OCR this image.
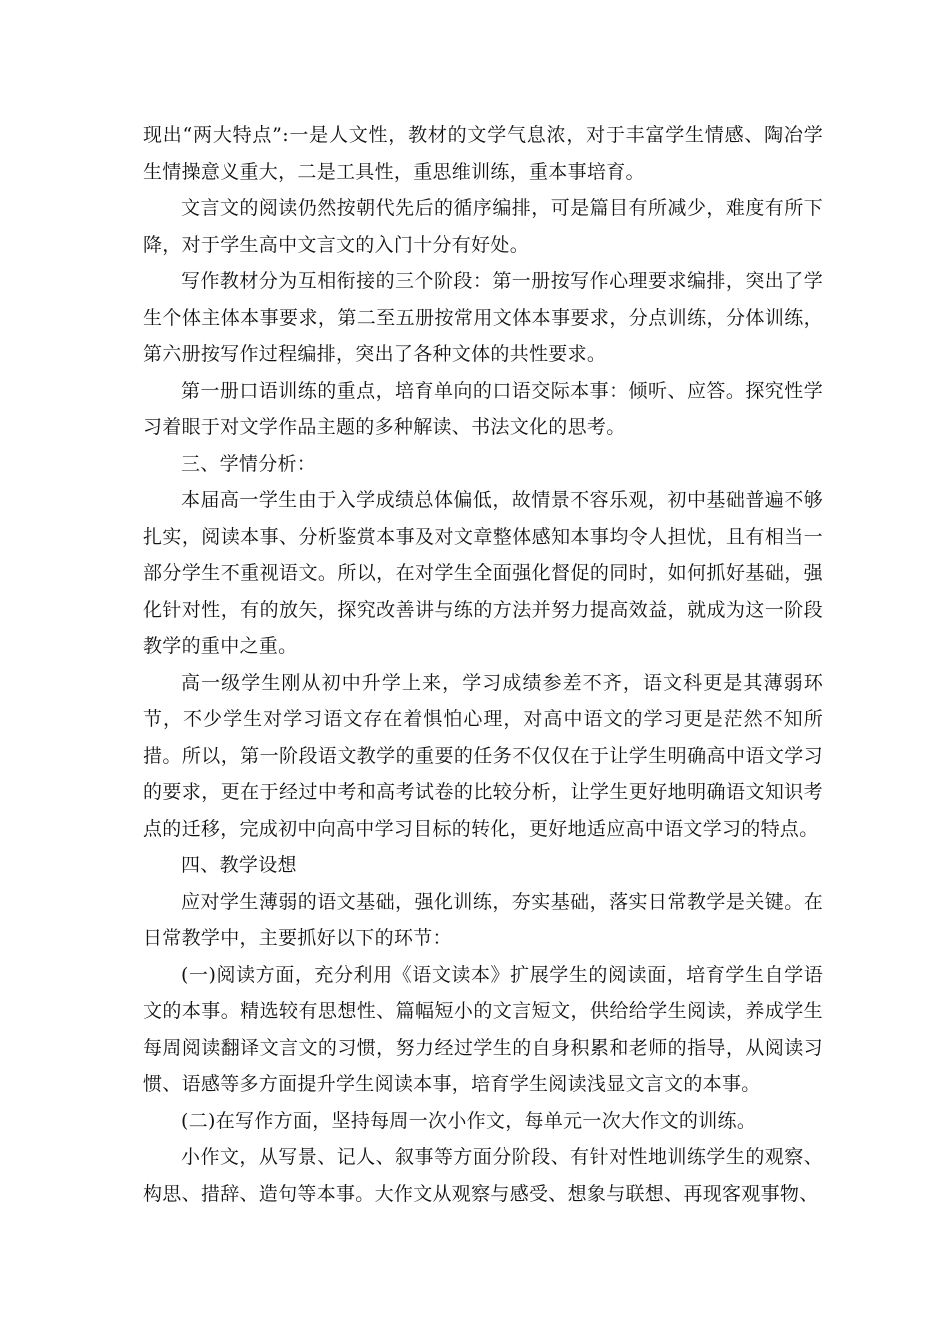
现出“两大特点”:一是人文性，教材的文学气息浓，对于丰富学生情感、陶冶学生情操意义重大，二是工具性，重思维训练，重本事培育。

文言文的阅读仍然按朝代先后的循序编排，可是篇目有所减少，难度有所下降，对于学生高中文言文的入门十分有好处。

写作教材分为互相衔接的三个阶段：第一册按写作心理要求编排，突出了学生个体主体本事要求，第二至五册按常用文体本事要求，分点训练，分体训练，第六册按写作过程编排，突出了各种文体的共性要求。

第一册口语训练的重点，培育单向的口语交际本事：倾听、应答。探究性学习着眼于对文学作品主题的多种解读、书法文化的思考。

三、学情分析：

本届高一学生由于入学成绩总体偏低，故情景不容乐观，初中基础普遍不够扎实，阅读本事、分析鉴赏本事及对文章整体感知本事均令人担忧，且有相当一部分学生不重视语文。所以，在对学生全面强化督促的同时，如何抓好基础，强化针对性，有的放矢，探究改善讲与练的方法并努力提高效益，就成为这一阶段教学的重中之重。

高一级学生刚从初中升学上来，学习成绩参差不齐，语文科更是其薄弱环节，不少学生对学习语文存在着惧怕心理，对高中语文的学习更是茫然不知所措。所以，第一阶段语文教学的重要的任务不仅仅在于让学生明确高中语文学习的要求，更在于经过中考和高考试卷的比较分析，让学生更好地明确语文知识考点的迁移，完成初中向高中学习目标的转化，更好地适应高中语文学习的特点。

四、教学设想

应对学生薄弱的语文基础，强化训练，夯实基础，落实日常教学是关键。在日常教学中，主要抓好以下的环节：

(一)阅读方面，充分利用《语文读本》扩展学生的阅读面，培育学生自学语文的本事。精选较有思想性、篇幅短小的文言短文，供给给学生阅读，养成学生每周阅读翻译文言文的习惯，努力经过学生的自身积累和老师的指导，从阅读习惯、语感等多方面提升学生阅读本事，培育学生阅读浅显文言文的本事。

(二)在写作方面，坚持每周一次小作文，每单元一次大作文的训练。

小作文，从写景、记人、叙事等方面分阶段、有针对性地训练学生的观察、构思、措辞、造句等本事。大作文从观察与感受、想象与联想、再现客观事物、
